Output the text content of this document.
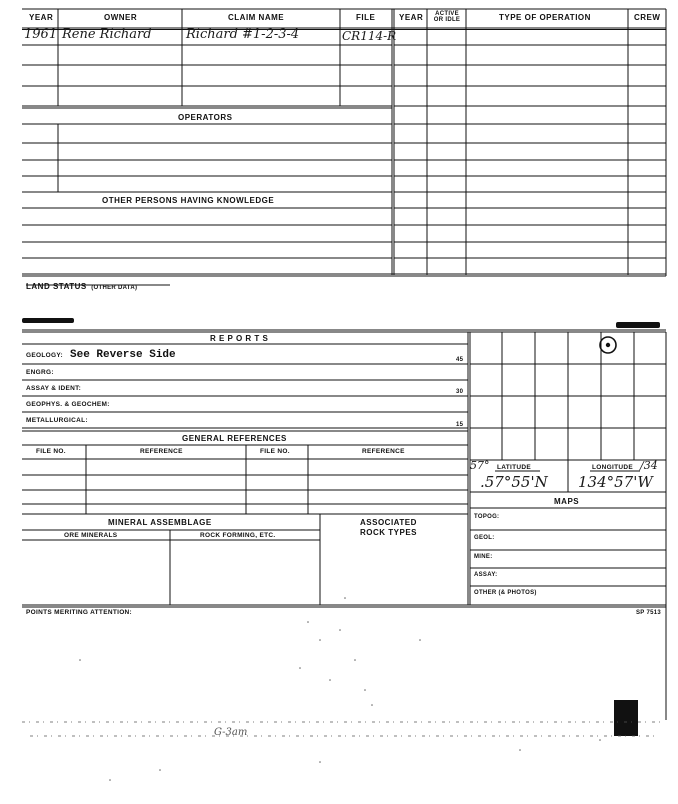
YEAR	OWNER	CLAIM NAME	FILE	YEAR	ACTIVE OR IDLE	TYPE OF OPERATION	CREW
1961 Rene Richard	Richard #1-2-3-4	CR114-R
OPERATORS
OTHER PERSONS HAVING KNOWLEDGE
LAND STATUS (OTHER DATA)
R E P O R T S
GEOLOGY: See Reverse Side
ENGRG:
ASSAY & IDENT:
GEOPHYS. & GEOCHEM:
METALLURGICAL:
45
30
15
GENERAL REFERENCES
FILE NO.	REFERENCE	FILE NO.	REFERENCE
MINERAL ASSEMBLAGE
ORE MINERALS	ROCK FORMING, ETC.
ASSOCIATED
ROCK TYPES
57° LATITUDE	LONGITUDE /34
.57°55'N 134°57'W
MAPS
TOPOG:
GEOL:
MINE:
ASSAY:
OTHER (& PHOTOS)
POINTS MERITING ATTENTION:	SP 7513
G-3am
